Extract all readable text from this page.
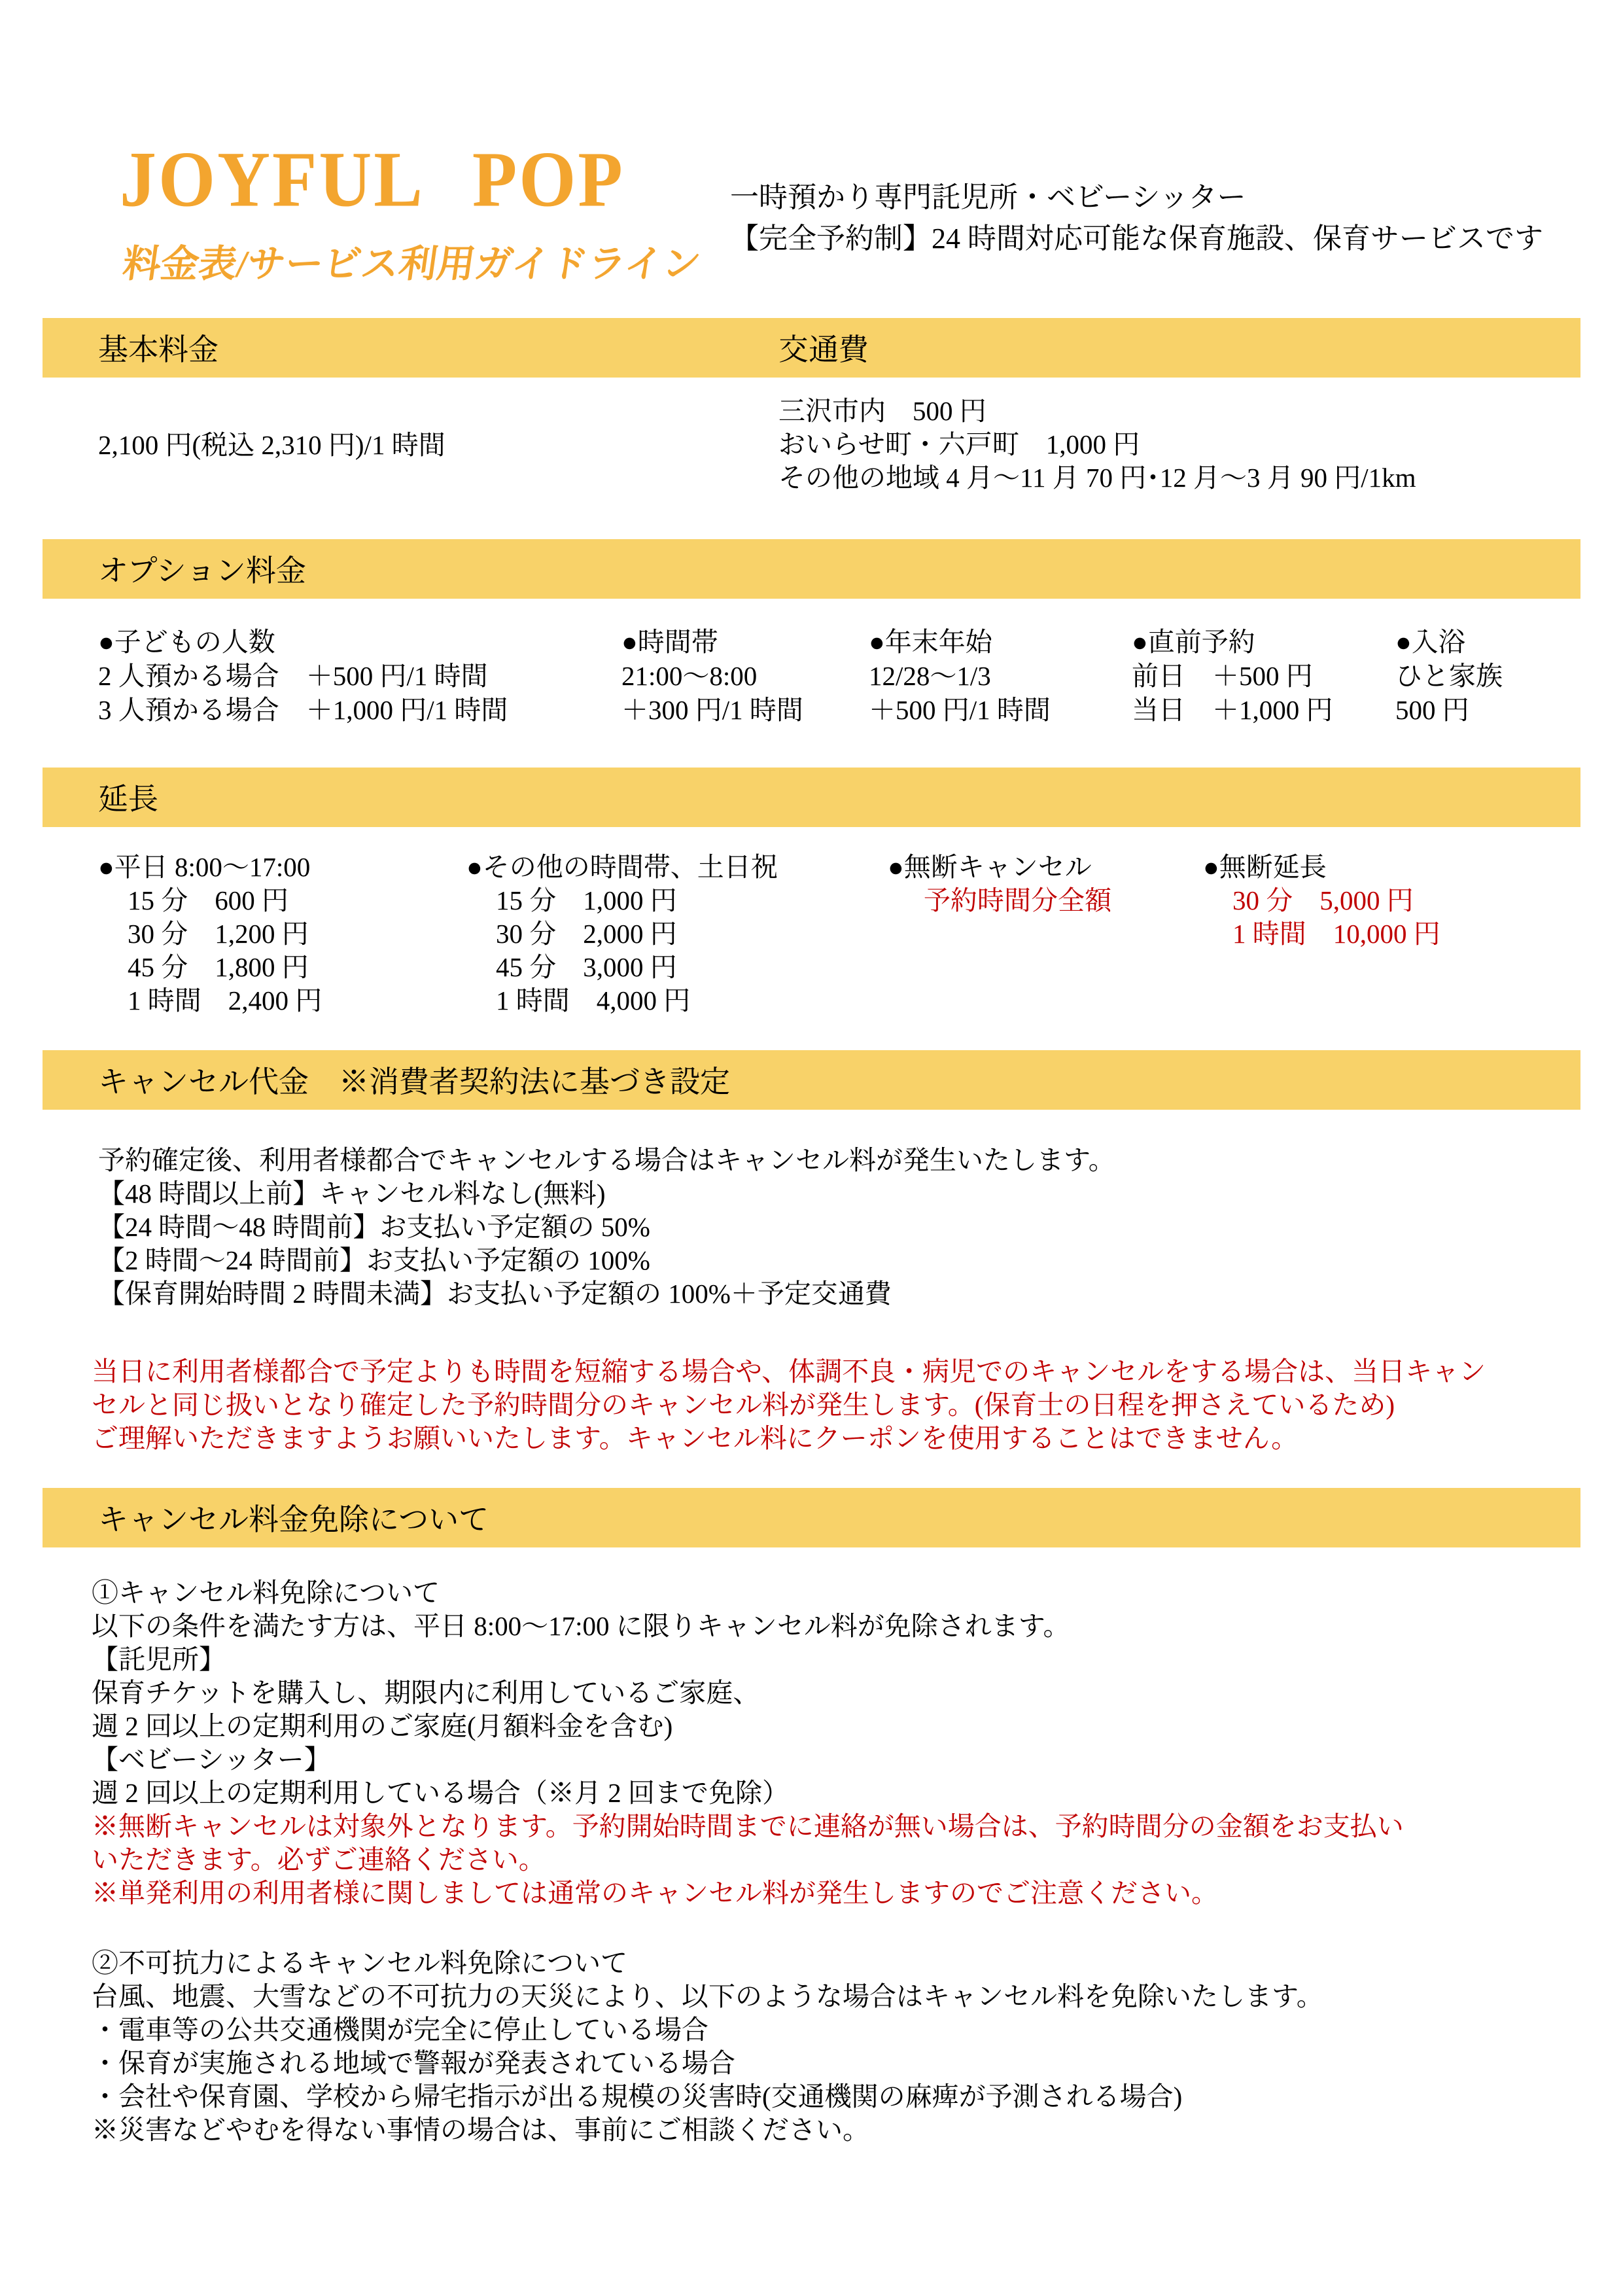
JOYFUL POP
料金表/サービス利用ガイドライン
一時預かり専門託児所・ベビーシッター
【完全予約制】24 時間対応可能な保育施設、保育サービスです
基本料金	交通費
2,100 円(税込 2,310 円)/1 時間
三沢市内　500 円
おいらせ町・六戸町　1,000 円
その他の地域 4 月～11 月 70 円･12 月～3 月 90 円/1km
オプション料金
●子どもの人数
2 人預かる場合　＋500 円/1 時間
3 人預かる場合　＋1,000 円/1 時間
●時間帯
21:00～8:00
＋300 円/1 時間
●年末年始
12/28～1/3
＋500 円/1 時間
●直前予約
前日　＋500 円
当日　＋1,000 円
●入浴
ひと家族
500 円
延長
●平日 8:00～17:00
15 分　600 円
30 分　1,200 円
45 分　1,800 円
1 時間　2,400 円
●その他の時間帯、土日祝
15 分　1,000 円
30 分　2,000 円
45 分　3,000 円
1 時間　4,000 円
●無断キャンセル
予約時間分全額
●無断延長
30 分　5,000 円
1 時間　10,000 円
キャンセル代金　※消費者契約法に基づき設定
予約確定後、利用者様都合でキャンセルする場合はキャンセル料が発生いたします。
【48 時間以上前】キャンセル料なし(無料)
【24 時間～48 時間前】お支払い予定額の 50%
【2 時間～24 時間前】お支払い予定額の 100%
【保育開始時間 2 時間未満】お支払い予定額の 100%＋予定交通費
当日に利用者様都合で予定よりも時間を短縮する場合や、体調不良・病児でのキャンセルをする場合は、当日キャン
セルと同じ扱いとなり確定した予約時間分のキャンセル料が発生します。(保育士の日程を押さえているため)
ご理解いただきますようお願いいたします。キャンセル料にクーポンを使用することはできません。
キャンセル料金免除について
①キャンセル料免除について
以下の条件を満たす方は、平日 8:00～17:00 に限りキャンセル料が免除されます。
【託児所】
保育チケットを購入し、期限内に利用しているご家庭、
週 2 回以上の定期利用のご家庭(月額料金を含む)
【ベビーシッター】
週 2 回以上の定期利用している場合（※月 2 回まで免除）
※無断キャンセルは対象外となります。予約開始時間までに連絡が無い場合は、予約時間分の金額をお支払い
いただきます。必ずご連絡ください。
※単発利用の利用者様に関しましては通常のキャンセル料が発生しますのでご注意ください。
②不可抗力によるキャンセル料免除について
台風、地震、大雪などの不可抗力の天災により、以下のような場合はキャンセル料を免除いたします。
・電車等の公共交通機関が完全に停止している場合
・保育が実施される地域で警報が発表されている場合
・会社や保育園、学校から帰宅指示が出る規模の災害時(交通機関の麻痺が予測される場合)
※災害などやむを得ない事情の場合は、事前にご相談ください。
